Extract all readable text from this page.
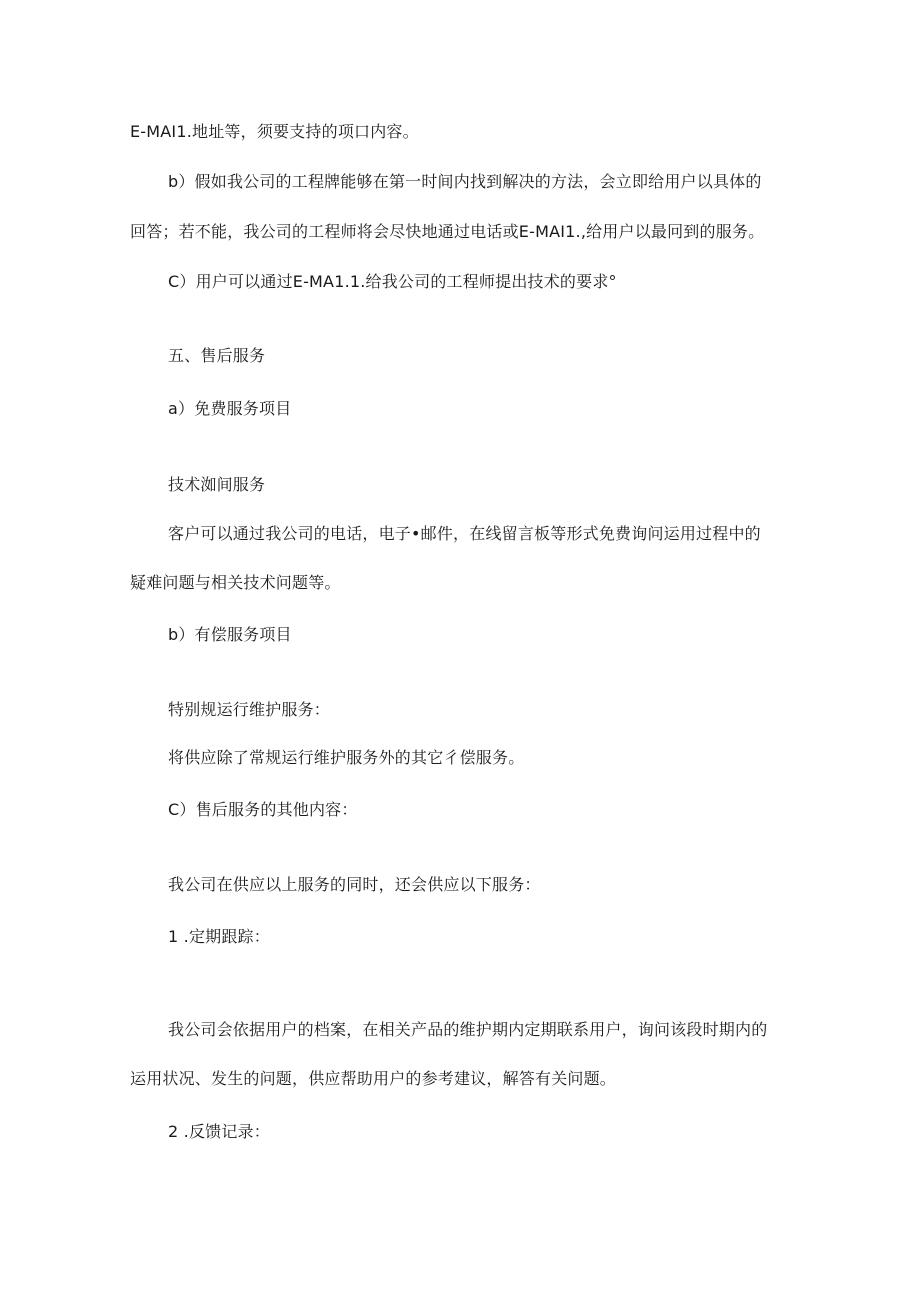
E-MAI1.地址等，须要支持的项口内容。
b）假如我公司的工程牌能够在第一时间内找到解决的方法，会立即给用户以具体的
回答；若不能，我公司的工程师将会尽快地通过电话或E-MAI1.,给用户以最冋到的服务。
C）用户可以通过E-MA1.1.给我公司的工程师提出技术的要求°
五、售后服务
a）免费服务项目
技术洳间服务
客户可以通过我公司的电话，电子•邮件，在线留言板等形式免费询问运用过程中的
疑难问题与相关技术问题等。
b）有偿服务项目
特别规运行维护服务：
将供应除了常规运行维护服务外的其它彳偿服务。
C）售后服务的其他内容：
我公司在供应以上服务的同时，还会供应以下服务：
1 .定期跟踪：
我公司会依据用户的档案，在相关产品的维护期内定期联系用户，询问该段时期内的
运用状况、发生的问题，供应帮助用户的参考建议，解答有关问题。
2 .反馈记录：
